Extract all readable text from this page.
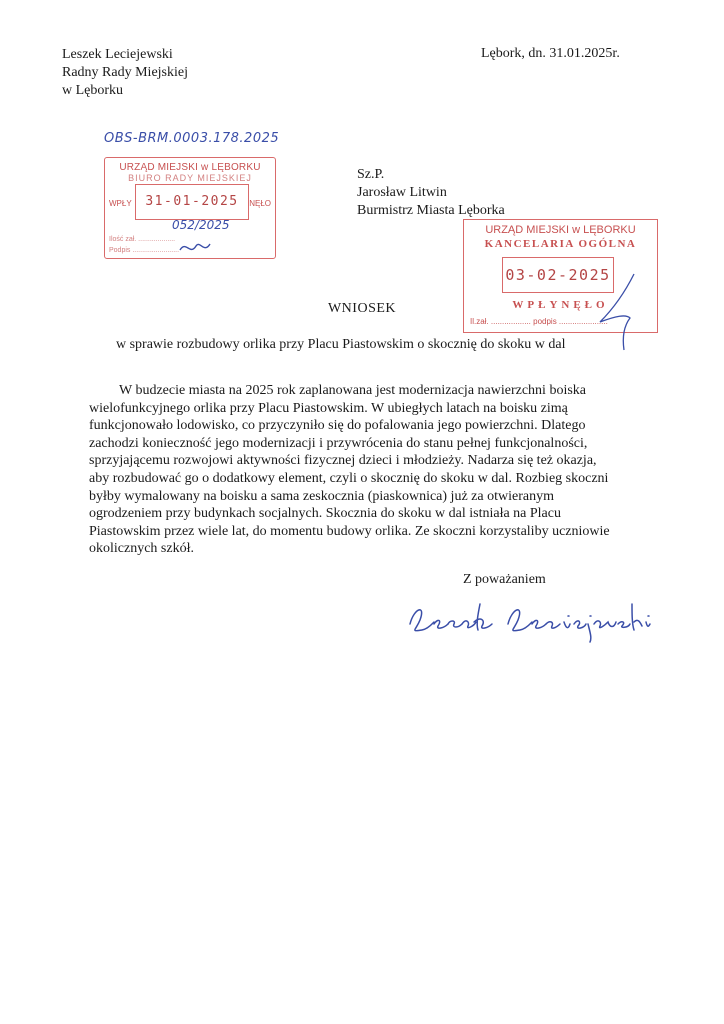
Leszek Leciejewski
Radny Rady Miejskiej
w Lęborku
Lębork, dn. 31.01.2025r.
OBS-BRM.0003.178.2025
URZĄD MIEJSKI w LĘBORKU
BIURO RADY MIEJSKIEJ
WPŁY	31-01-2025	NĘŁO
Ilość zał. ...................
Podpis ........................
052/2025
Sz.P.
Jarosław Litwin
Burmistrz Miasta Lęborka
URZĄD MIEJSKI w LĘBORKU
KANCELARIA OGÓLNA
03-02-2025
WPŁYNĘŁO
Il.zał. .................. podpis ......................
WNIOSEK
w sprawie rozbudowy orlika przy Placu Piastowskim o skocznię do skoku w dal
W budzecie miasta na 2025 rok zaplanowana jest modernizacja nawierzchni boiska wielofunkcyjnego orlika przy Placu Piastowskim. W ubiegłych latach na boisku zimą funkcjonowało lodowisko, co przyczyniło się do pofalowania jego powierzchni. Dlatego zachodzi konieczność jego modernizacji i przywrócenia do stanu pełnej funkcjonalności, sprzyjającemu rozwojowi aktywności fizycznej dzieci i młodzieży. Nadarza się też okazja, aby rozbudować go o dodatkowy element, czyli o skocznię do skoku w dal. Rozbieg skoczni byłby wymalowany na boisku a sama zeskocznia (piaskownica) już za otwieranym ogrodzeniem przy budynkach socjalnych. Skocznia do skoku w dal istniała na Placu Piastowskim przez wiele lat, do momentu budowy orlika. Ze skoczni korzystaliby uczniowie okolicznych szkół.
Z poważaniem
